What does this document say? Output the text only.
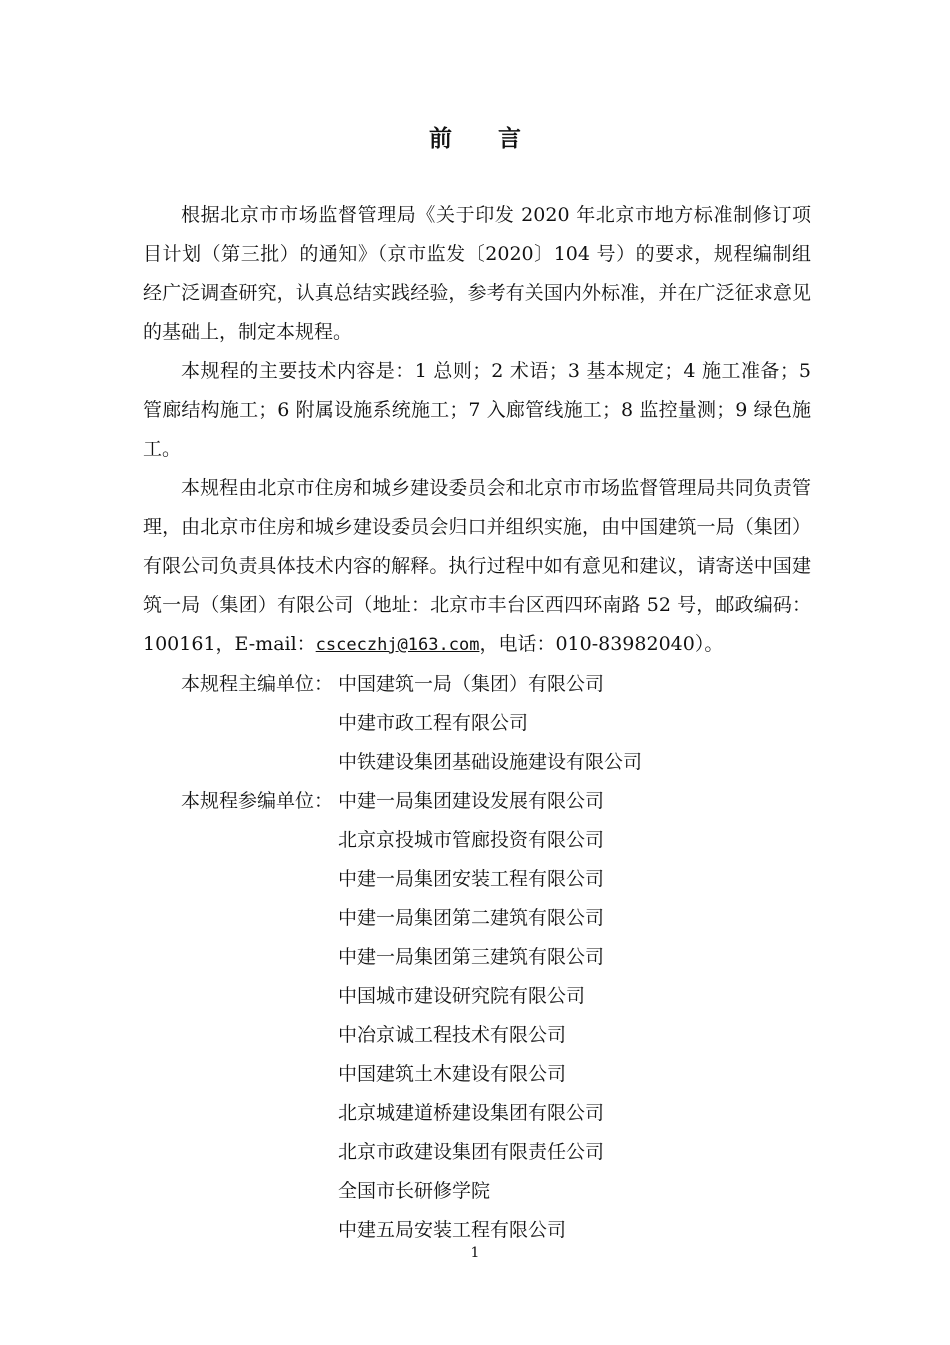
前言

根据北京市市场监督管理局《关于印发 2020 年北京市地方标准制修订项目计划（第三批）的通知》（京市监发〔2020〕104 号）的要求，规程编制组经广泛调查研究，认真总结实践经验，参考有关国内外标准，并在广泛征求意见的基础上，制定本规程。

本规程的主要技术内容是：1 总则；2 术语；3 基本规定；4 施工准备；5 管廊结构施工；6 附属设施系统施工；7 入廊管线施工；8 监控量测；9 绿色施工。

本规程由北京市住房和城乡建设委员会和北京市市场监督管理局共同负责管理，由北京市住房和城乡建设委员会归口并组织实施，由中国建筑一局（集团）有限公司负责具体技术内容的解释。执行过程中如有意见和建议，请寄送中国建筑一局（集团）有限公司（地址：北京市丰台区西四环南路 52 号，邮政编码：100161，E-mail：csceczhj@163.com，电话：010-83982040）。

本规程主编单位： 中国建筑一局（集团）有限公司
中建市政工程有限公司
中铁建设集团基础设施建设有限公司
本规程参编单位： 中建一局集团建设发展有限公司
北京京投城市管廊投资有限公司
中建一局集团安装工程有限公司
中建一局集团第二建筑有限公司
中建一局集团第三建筑有限公司
中国城市建设研究院有限公司
中冶京诚工程技术有限公司
中国建筑土木建设有限公司
北京城建道桥建设集团有限公司
北京市政建设集团有限责任公司
全国市长研修学院
中建五局安装工程有限公司
1
